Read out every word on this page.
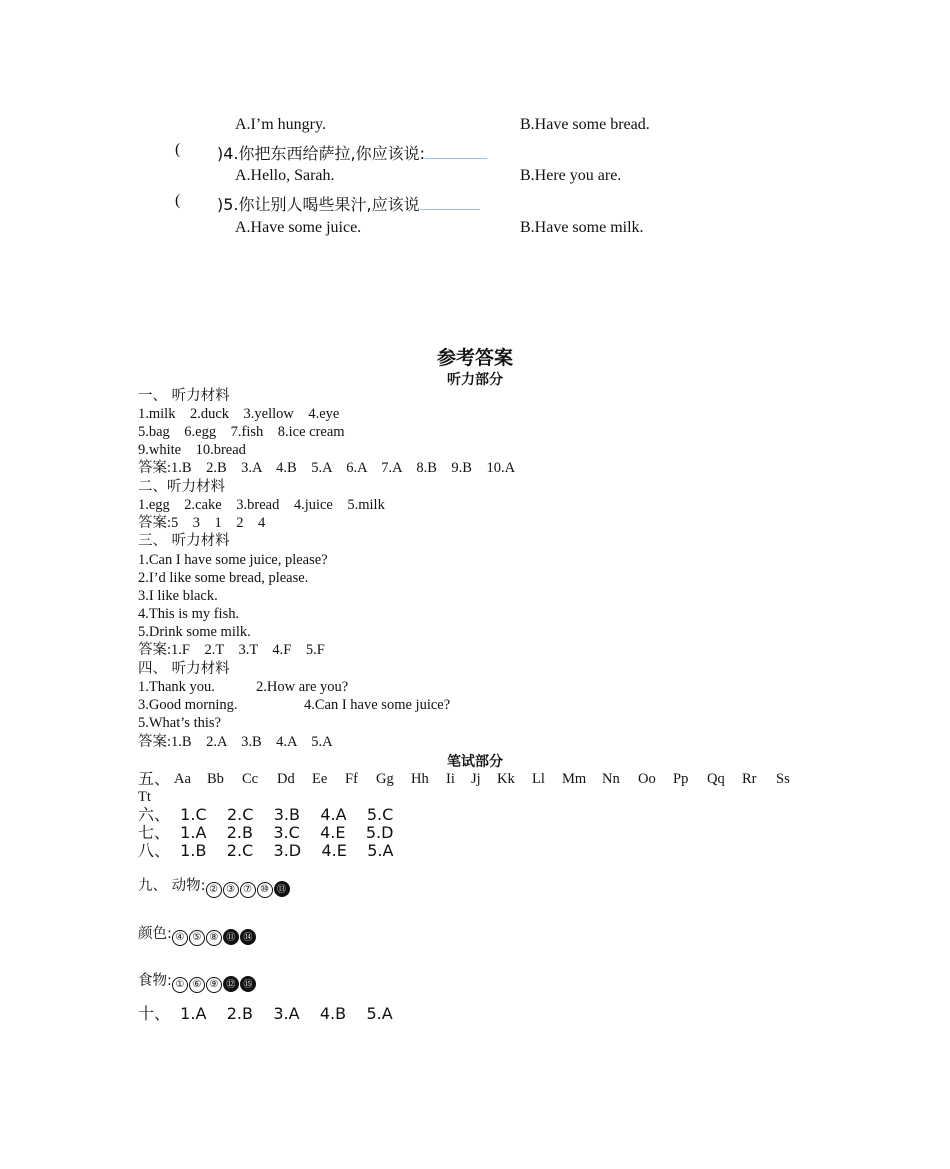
A.I’m hungry.	B.Have some bread.
( )4.你把东西给萨拉,你应该说:
A.Hello, Sarah.	B.Here you are.
( )5.你让别人喝些果汁,应该说
A.Have some juice.	B.Have some milk.
参考答案
听力部分
一、 听力材料
1.milk    2.duck    3.yellow    4.eye
5.bag    6.egg    7.fish    8.ice cream
9.white    10.bread
答案:1.B    2.B    3.A    4.B    5.A    6.A    7.A    8.B    9.B    10.A
二、听力材料
1.egg    2.cake    3.bread    4.juice    5.milk
答案:5    3    1    2    4
三、 听力材料
1.Can I have some juice, please?
2.I’d like some bread, please.
3.I like black.
4.This is my fish.
5.Drink some milk.
答案:1.F    2.T    3.T    4.F    5.F
四、 听力材料
1.Thank you.	2.How are you?
3.Good morning.	4.Can I have some juice?
5.What’s this?
答案:1.B    2.A    3.B    4.A    5.A
笔试部分
五、 Aa Bb Cc Dd Ee Ff Gg Hh Ii Jj Kk Ll Mm Nn Oo Pp Qq Rr Ss
Tt
六、  1.C    2.C    3.B    4.A    5.C
七、  1.A    2.B    3.C    4.E    5.D
八、  1.B    2.C    3.D    4.E    5.A
九、 动物: ② ③ ⑦ ⑩ ⑬
颜色: ④ ⑤ ⑧ ⑪ ⑭
食物: ① ⑥ ⑨ ⑫ ⑮
十、  1.A    2.B    3.A    4.B    5.A
